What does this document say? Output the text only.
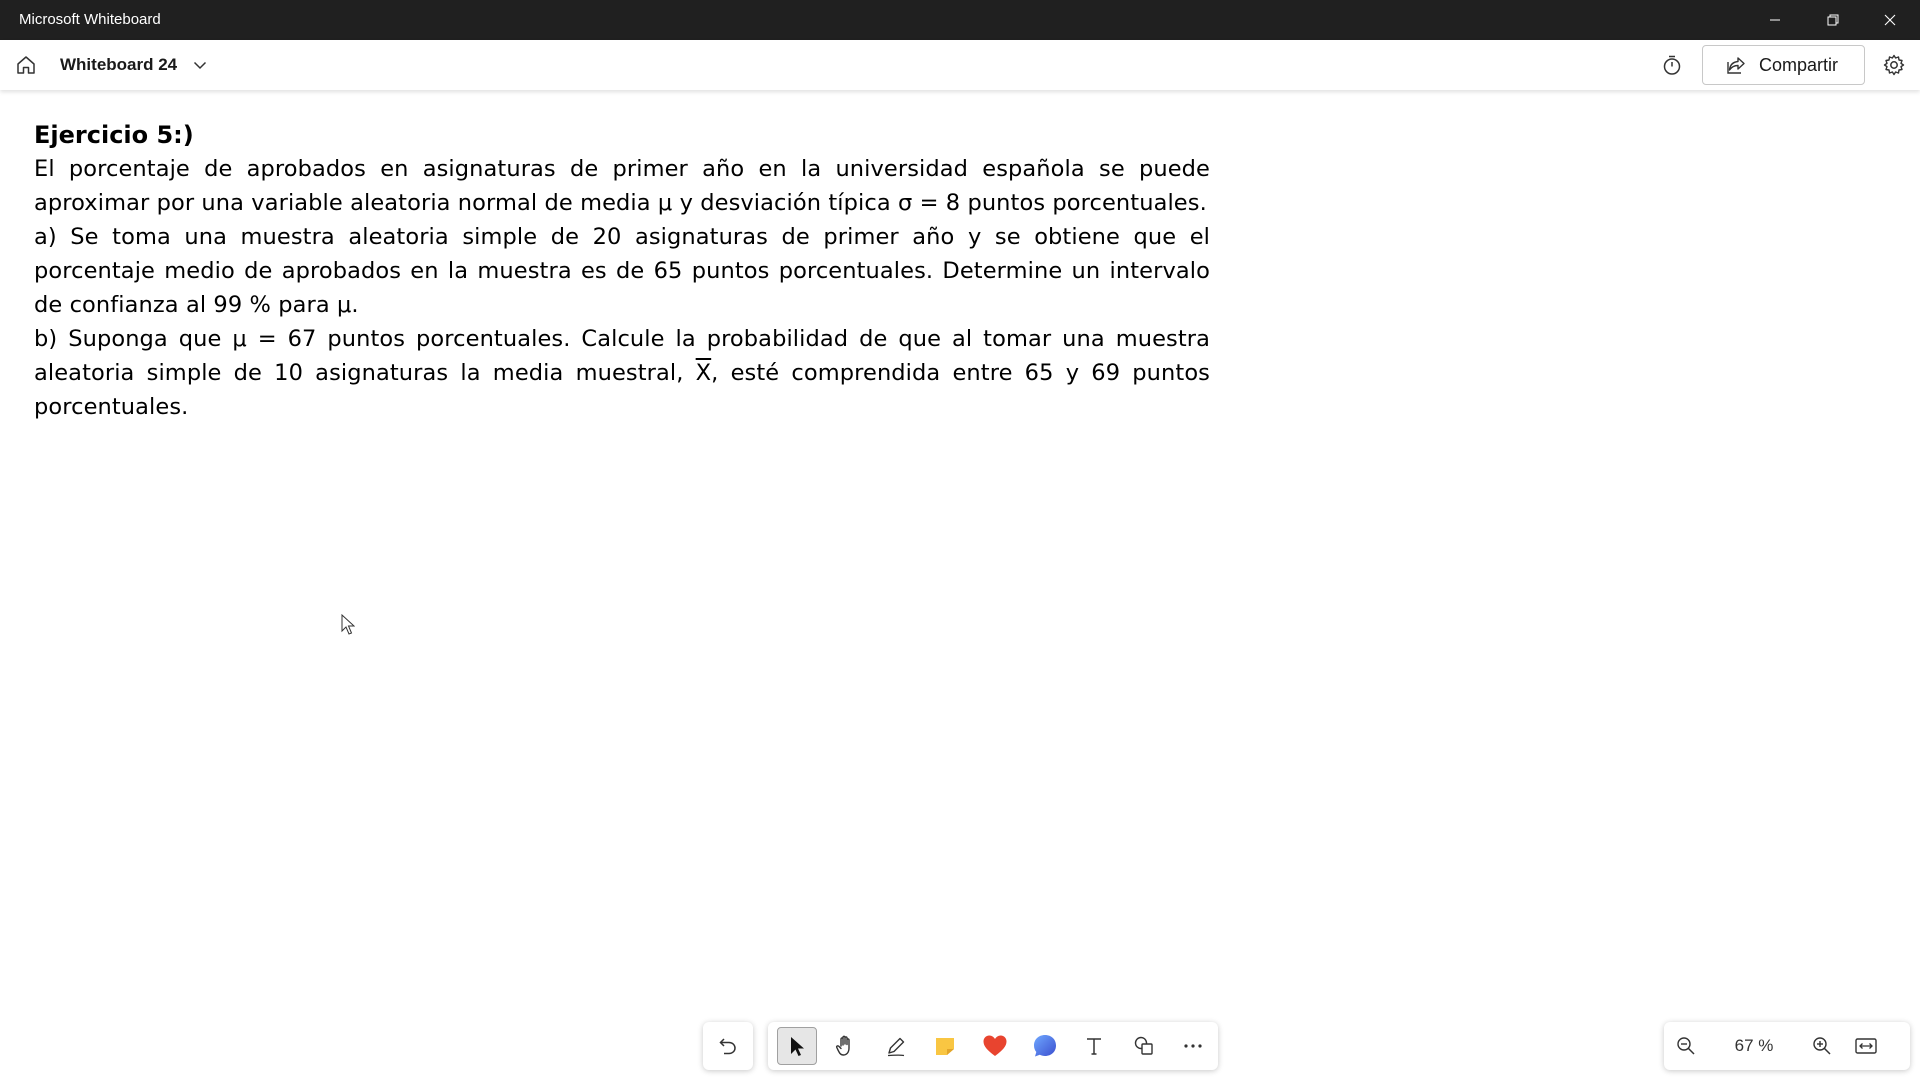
Microsoft Whiteboard
Whiteboard 24	Compartir
Ejercicio 5:)

El porcentaje de aprobados en asignaturas de primer año en la universidad española se puede aproximar por una variable aleatoria normal de media μ y desviación típica σ = 8 puntos porcentuales.

a) Se toma una muestra aleatoria simple de 20 asignaturas de primer año y se obtiene que el porcentaje medio de aprobados en la muestra es de 65 puntos porcentuales. Determine un intervalo de confianza al 99 % para μ.

b) Suponga que μ = 67 puntos porcentuales. Calcule la probabilidad de que al tomar una muestra aleatoria simple de 10 asignaturas la media muestral, $\overline{X}$, esté comprendida entre 65 y 69 puntos porcentuales.

67 %
